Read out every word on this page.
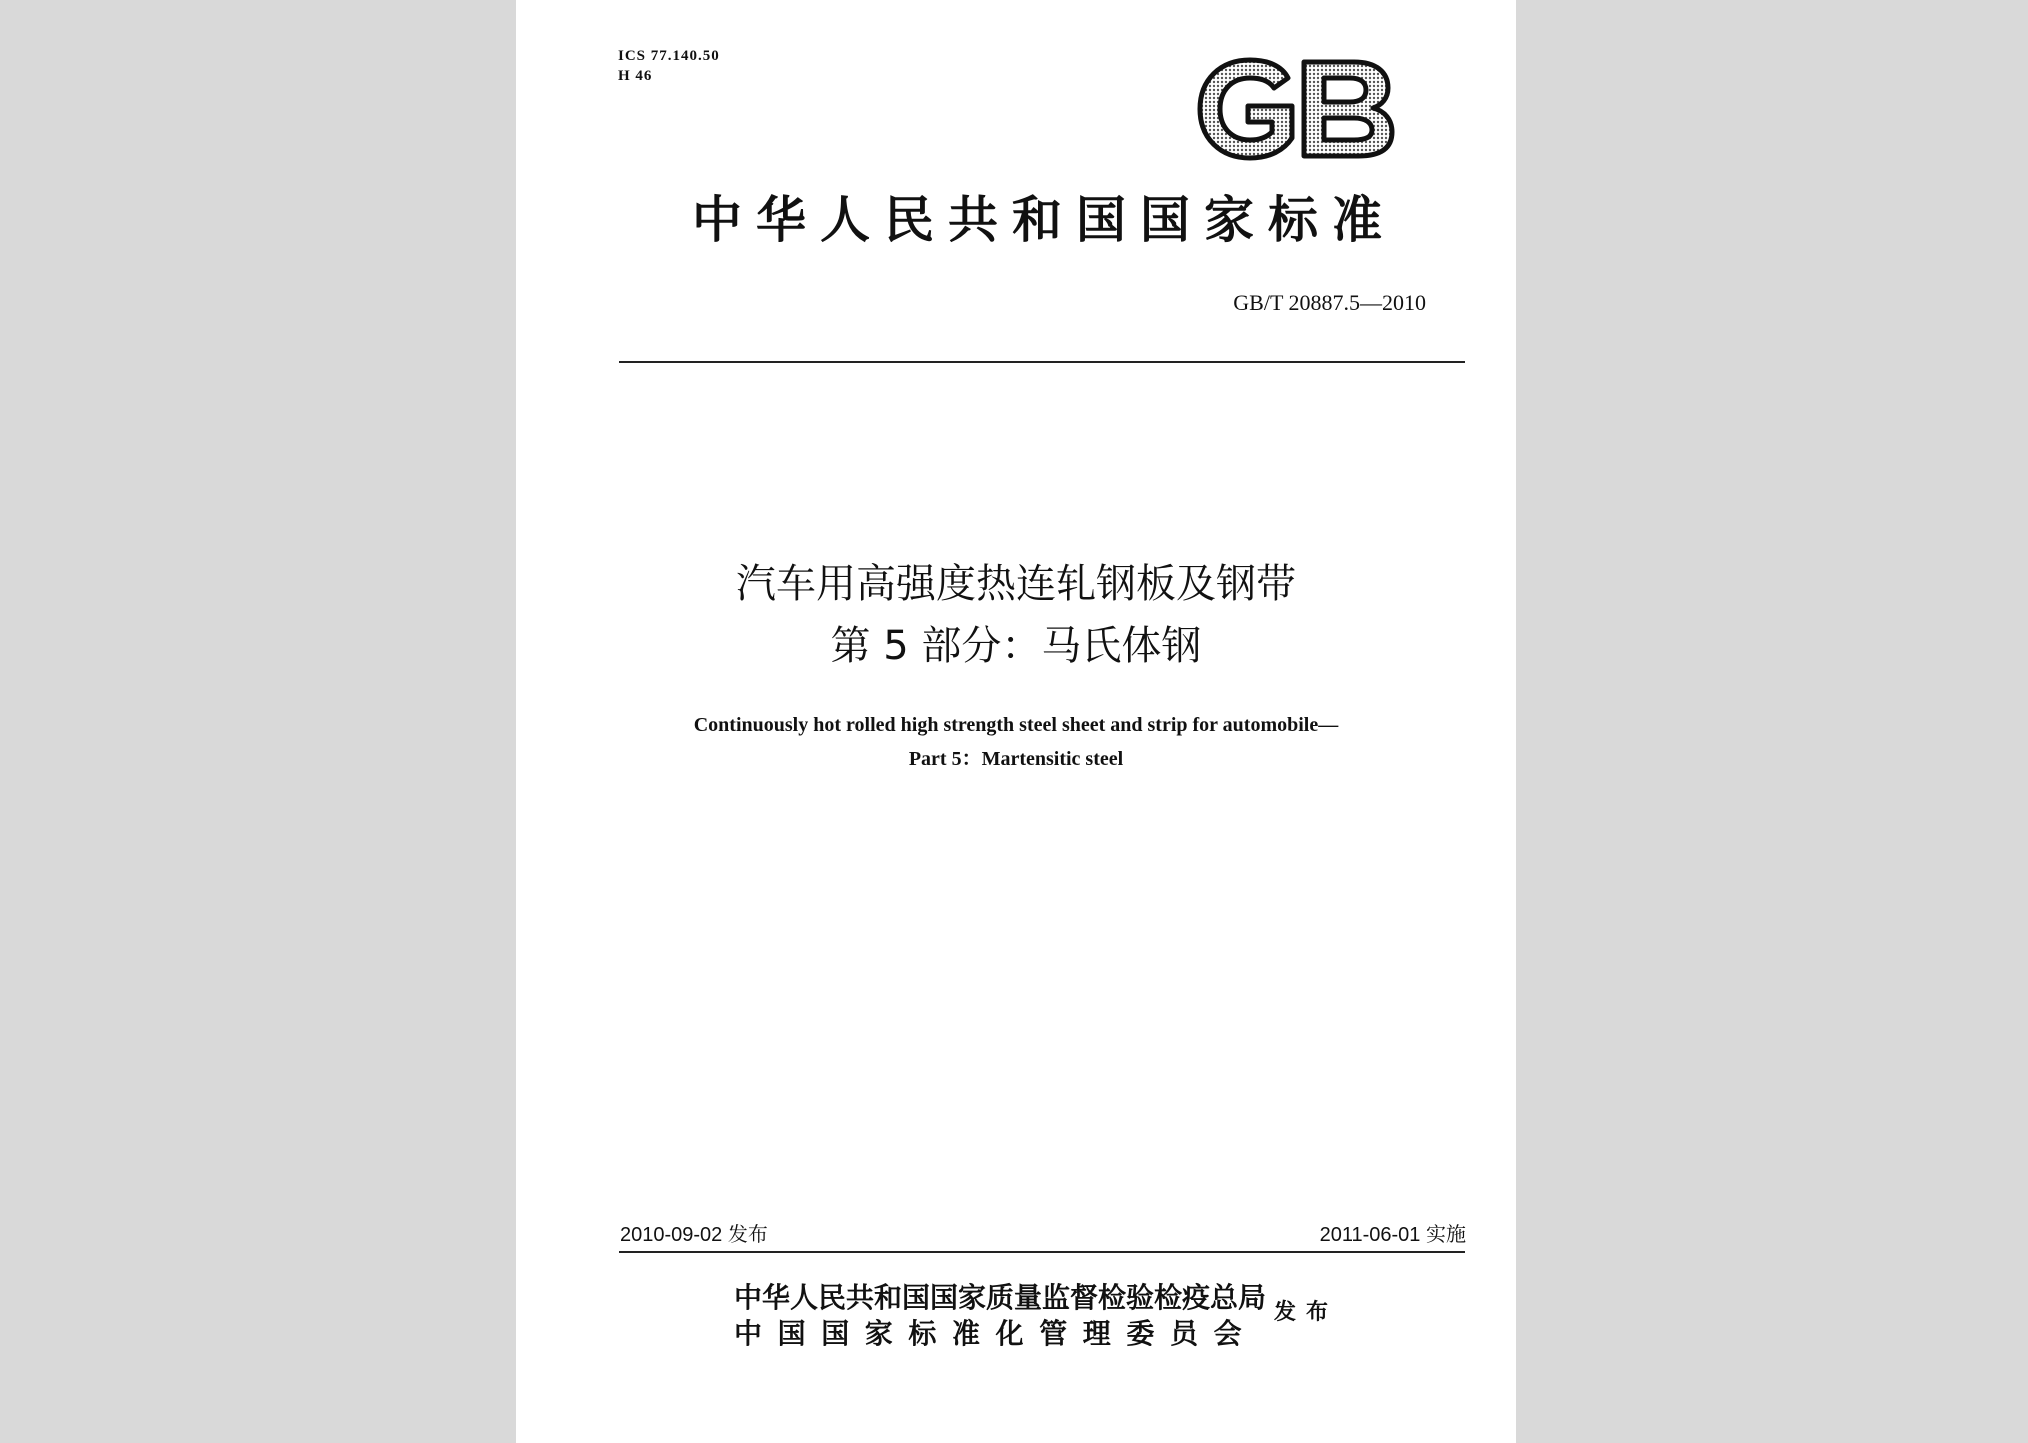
ICS 77.140.50
H 46
中华人民共和国国家标准
GB/T 20887.5—2010
汽车用高强度热连轧钢板及钢带
第 5 部分：马氏体钢
Continuously hot rolled high strength steel sheet and strip for automobile—
Part 5：Martensitic steel
2010-09-02 发布	2011-06-01 实施
中华人民共和国国家质量监督检验检疫总局
中国国家标准化管理委员会
发布
